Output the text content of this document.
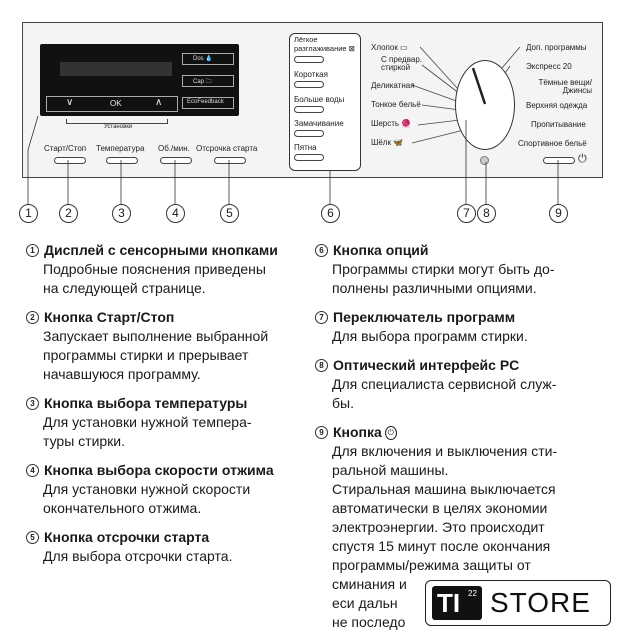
Dos 💧
Cap 🗀
EcoFeedback
∨	OK	∧
Установки
Старт/Стоп Температура Об./мин. Отсрочка старта
Лёгкое разглаживание ⊠
Короткая
Больше воды
Замачивание
Пятна
Хлопок ▭
С предвар. стиркой
Деликатная
Тонкое бельё
Шерсть 🧶
Шёлк 🦋
Доп. программы
Экспресс 20
Тёмные вещи/ Джинсы
Верхняя одежда
Пропитывание
Спортивное бельё
⏻
1	2	3	4	5	6	7	8	9
1 Дисплей с сенсорными кнопками
Подробные пояснения приведены
на следующей странице.
2 Кнопка Старт/Стоп
Запускает выполнение выбранной
программы стирки и прерывает
начавшуюся программу.
3 Кнопка выбора температуры
Для установки нужной темпера-
туры стирки.
4 Кнопка выбора скорости отжима
Для установки нужной скорости
окончательного отжима.
5 Кнопка отсрочки старта
Для выбора отсрочки старта.
6 Кнопка опций
Программы стирки могут быть до-
полнены различными опциями.
7 Переключатель программ
Для выбора программ стирки.
8 Оптический интерфейс PC
Для специалиста сервисной служ-
бы.
9 Кнопка ⏻
Для включения и выключения сти-
ральной машины.
Стиральная машина выключается
автоматически в целях экономии
электроэнергии. Это происходит
спустя 15 минут после окончания
программы/режима защиты от
сминания и
еси дальн
не последо
TI 22 STORE
